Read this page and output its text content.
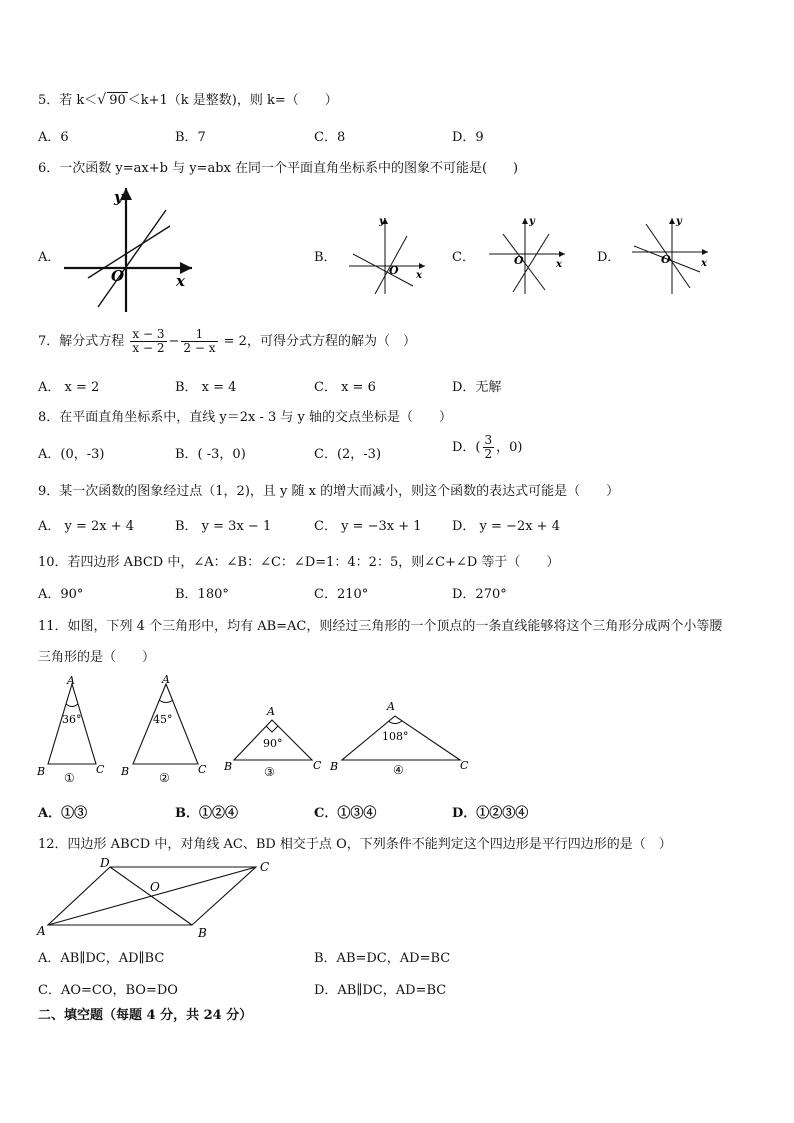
5．若 k＜√ 90 ＜k+1（k 是整数)，则 k=（　　）
A．6	B．7	C．8	D．9
6．一次函数 y=ax+b 与 y=abx 在同一个平面直角坐标系中的图象不可能是(　　)
A．	B．	C．	D．
O	x
y
O x
y
O	x
y
O	x
y
7．解分式方程 $\frac{x - 3}{x - 2} - \frac{1}{2 - x} = 2$，可得分式方程的解为（　）
A． x = 2	B． x = 4	C． x = 6	D．无解
8．在平面直角坐标系中，直线 y＝2x - 3 与 y 轴的交点坐标是（　　）
A．(0，-3)	B．( -3，0)	C．(2，-3)	D．( $\frac{3}{2}$ ，0)
9．某一次函数的图象经过点（1，2)，且 y 随 x 的增大而减小，则这个函数的表达式可能是（　　）
A． y = 2x + 4	B． y = 3x − 1	C． y = −3x + 1 D． y = −2x + 4
10．若四边形 ABCD 中，∠A：∠B：∠C：∠D=1：4：2：5，则∠C+∠D 等于（　　）
A．90°	B．180°	C．210°	D．270°
11．如图，下列 4 个三角形中，均有 AB=AC，则经过三角形的一个顶点的一条直线能够将这个三角形分成两个小等腰
三角形的是（　　）
A
B	C
36°
①
A
B	C
45°
②
A
B	C
90°
③
A
B	C
108°
④
A．①③	B．①②④	C．①③④	D．①②③④
12．四边形 ABCD 中，对角线 AC、BD 相交于点 O，下列条件不能判定这个四边形是平行四边形的是（　）
A	B
C
D
O
A．AB∥DC，AD∥BC	B．AB=DC，AD=BC
C．AO=CO，BO=DO	D．AB∥DC，AD=BC
二、填空题（每题 4 分，共 24 分）
